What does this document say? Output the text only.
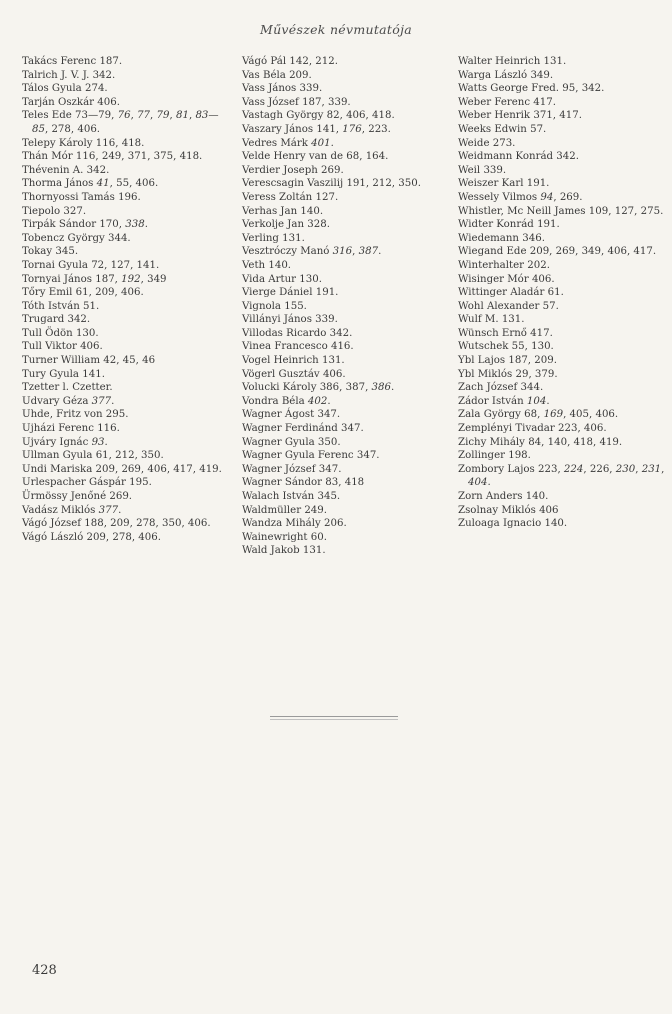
Művészek névmutatója
Takács Ferenc 187.
Talrich J. V. J. 342.
Tálos Gyula 274.
Tarján Oszkár 406.
Teles Ede 73—79, 76, 77, 79, 81, 83—85, 278, 406.
Telepy Károly 116, 418.
Thán Mór 116, 249, 371, 375, 418.
Thévenin A. 342.
Thorma János 41, 55, 406.
Thornyossi Tamás 196.
Tiepolo 327.
Tirpák Sándor 170, 338.
Tobencz György 344.
Tokay 345.
Tornai Gyula 72, 127, 141.
Tornyai János 187, 192, 349
Tőry Emil 61, 209, 406.
Tóth István 51.
Trugard 342.
Tull Ödön 130.
Tull Viktor 406.
Turner William 42, 45, 46
Tury Gyula 141.
Tzetter l. Czetter.
Udvary Géza 377.
Uhde, Fritz von 295.
Ujházi Ferenc 116.
Ujváry Ignác 93.
Ullman Gyula 61, 212, 350.
Undi Mariska 209, 269, 406, 417, 419.
Urlespacher Gáspár 195.
Ürmössy Jenőné 269.
Vadász Miklós 377.
Vágó József 188, 209, 278, 350, 406.
Vágó László 209, 278, 406.
Vágó Pál 142, 212.
Vas Béla 209.
Vass János 339.
Vass József 187, 339.
Vastagh György 82, 406, 418.
Vaszary János 141, 176, 223.
Vedres Márk 401.
Velde Henry van de 68, 164.
Verdier Joseph 269.
Verescsagin Vaszilij 191, 212, 350.
Veress Zoltán 127.
Verhas Jan 140.
Verkolje Jan 328.
Verling 131.
Vesztróczy Manó 316, 387.
Veth 140.
Vida Artur 130.
Vierge Dániel 191.
Vignola 155.
Villányi János 339.
Villodas Ricardo 342.
Vinea Francesco 416.
Vogel Heinrich 131.
Vögerl Gusztáv 406.
Volucki Károly 386, 387, 386.
Vondra Béla 402.
Wagner Ágost 347.
Wagner Ferdinánd 347.
Wagner Gyula 350.
Wagner Gyula Ferenc 347.
Wagner József 347.
Wagner Sándor 83, 418
Walach István 345.
Waldmüller 249.
Wandza Mihály 206.
Wainewright 60.
Wald Jakob 131.
Walter Heinrich 131.
Warga László 349.
Watts George Fred. 95, 342.
Weber Ferenc 417.
Weber Henrik 371, 417.
Weeks Edwin 57.
Weide 273.
Weidmann Konrád 342.
Weil 339.
Weiszer Karl 191.
Wessely Vilmos 94, 269.
Whistler, Mc Neill James 109, 127, 275.
Widter Konrád 191.
Wiedemann 346.
Wiegand Ede 209, 269, 349, 406, 417.
Winterhalter 202.
Wisinger Mór 406.
Wittinger Aladár 61.
Wohl Alexander 57.
Wulf M. 131.
Wünsch Ernő 417.
Wutschek 55, 130.
Ybl Lajos 187, 209.
Ybl Miklós 29, 379.
Zach József 344.
Zádor István 104.
Zala György 68, 169, 405, 406.
Zemplényi Tivadar 223, 406.
Zichy Mihály 84, 140, 418, 419.
Zollinger 198.
Zombory Lajos 223, 224, 226, 230, 231, 404.
Zorn Anders 140.
Zsolnay Miklós 406
Zuloaga Ignacio 140.
428
